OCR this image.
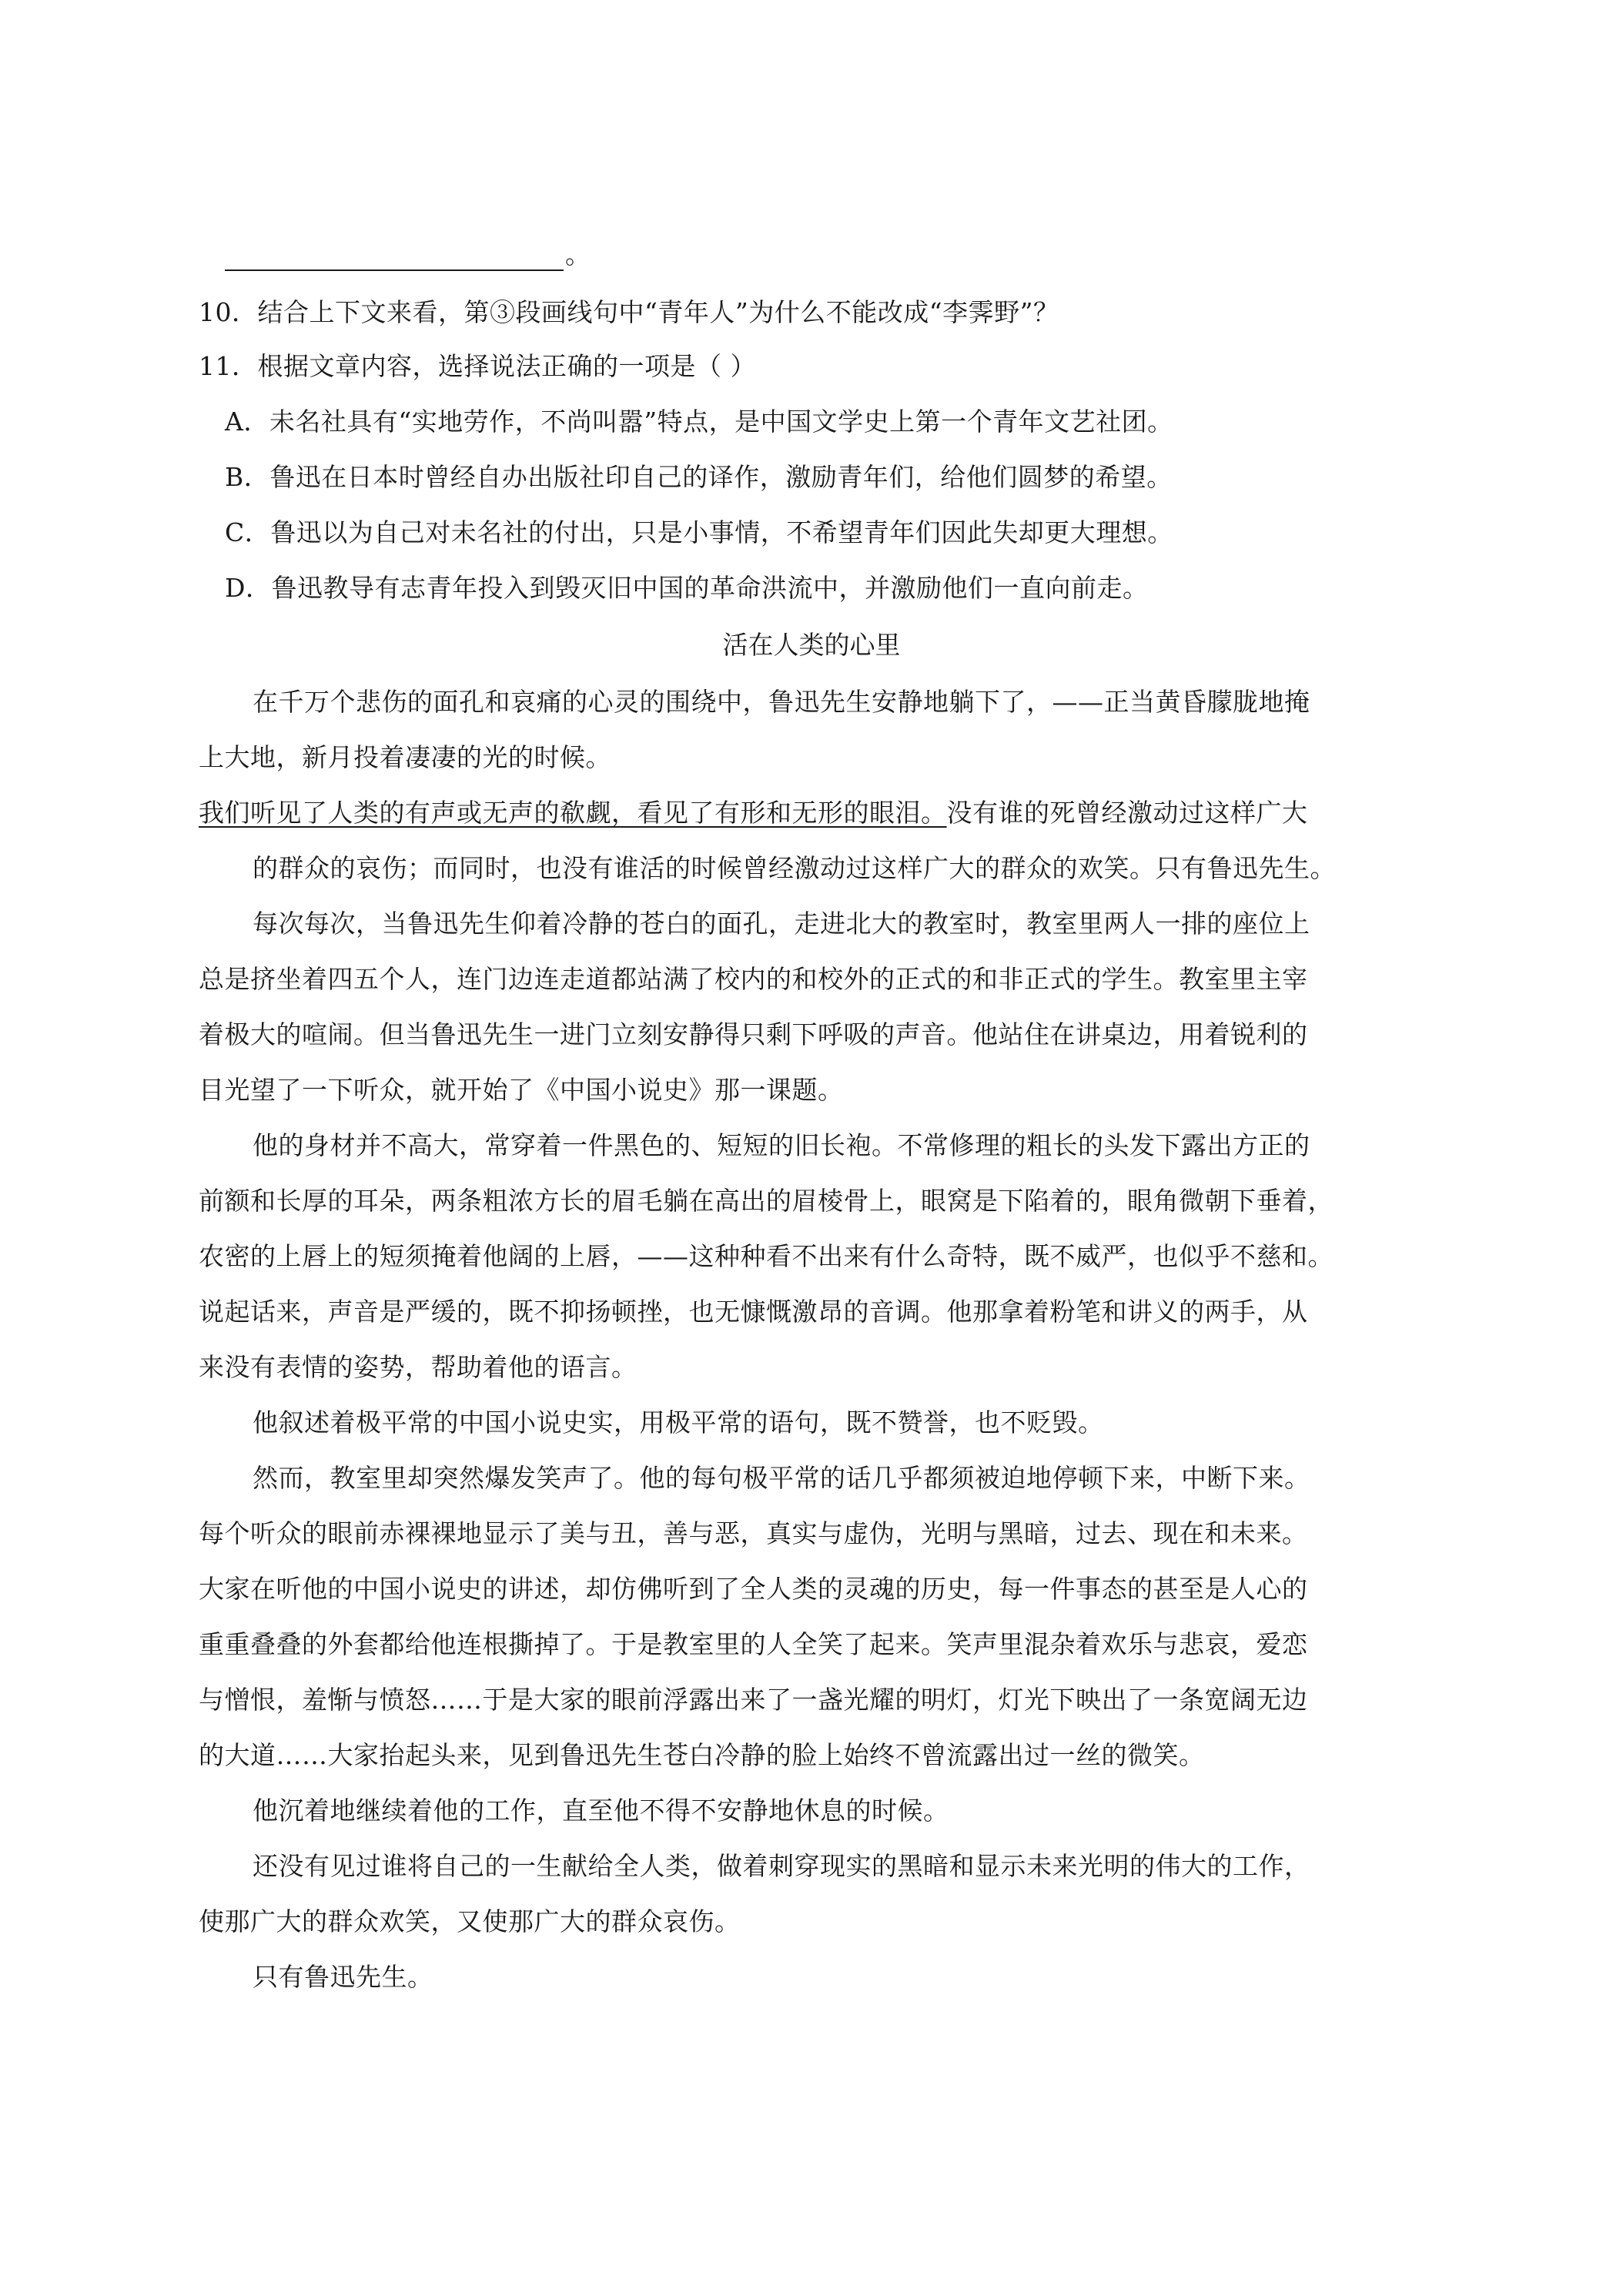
。
10．结合上下文来看，第③段画线句中“青年人”为什么不能改成“李霁野”？
11．根据文章内容，选择说法正确的一项是（ ）
A．未名社具有“实地劳作，不尚叫嚣”特点，是中国文学史上第一个青年文艺社团。
B．鲁迅在日本时曾经自办出版社印自己的译作，激励青年们，给他们圆梦的希望。
C．鲁迅以为自己对未名社的付出，只是小事情，不希望青年们因此失却更大理想。
D．鲁迅教导有志青年投入到毁灭旧中国的革命洪流中，并激励他们一直向前走。
活在人类的心里
在千万个悲伤的面孔和哀痛的心灵的围绕中，鲁迅先生安静地躺下了，——正当黄昏朦胧地掩
上大地，新月投着凄凄的光的时候。
我们听见了人类的有声或无声的欷觑，看见了有形和无形的眼泪。没有谁的死曾经激动过这样广大
的群众的哀伤；而同时，也没有谁活的时候曾经激动过这样广大的群众的欢笑。只有鲁迅先生。
每次每次，当鲁迅先生仰着冷静的苍白的面孔，走进北大的教室时，教室里两人一排的座位上
总是挤坐着四五个人，连门边连走道都站满了校内的和校外的正式的和非正式的学生。教室里主宰
着极大的喧闹。但当鲁迅先生一进门立刻安静得只剩下呼吸的声音。他站住在讲桌边，用着锐利的
目光望了一下听众，就开始了《中国小说史》那一课题。
他的身材并不高大，常穿着一件黑色的、短短的旧长袍。不常修理的粗长的头发下露出方正的
前额和长厚的耳朵，两条粗浓方长的眉毛躺在高出的眉棱骨上，眼窝是下陷着的，眼角微朝下垂着，
农密的上唇上的短须掩着他阔的上唇，——这种种看不出来有什么奇特，既不威严，也似乎不慈和。
说起话来，声音是严缓的，既不抑扬顿挫，也无慷慨激昂的音调。他那拿着粉笔和讲义的两手，从
来没有表情的姿势，帮助着他的语言。
他叙述着极平常的中国小说史实，用极平常的语句，既不赞誉，也不贬毁。
然而，教室里却突然爆发笑声了。他的每句极平常的话几乎都须被迫地停顿下来，中断下来。
每个听众的眼前赤裸裸地显示了美与丑，善与恶，真实与虚伪，光明与黑暗，过去、现在和未来。
大家在听他的中国小说史的讲述，却仿佛听到了全人类的灵魂的历史，每一件事态的甚至是人心的
重重叠叠的外套都给他连根撕掉了。于是教室里的人全笑了起来。笑声里混杂着欢乐与悲哀，爱恋
与憎恨，羞惭与愤怒……于是大家的眼前浮露出来了一盏光耀的明灯，灯光下映出了一条宽阔无边
的大道……大家抬起头来，见到鲁迅先生苍白冷静的脸上始终不曾流露出过一丝的微笑。
他沉着地继续着他的工作，直至他不得不安静地休息的时候。
还没有见过谁将自己的一生献给全人类，做着刺穿现实的黑暗和显示未来光明的伟大的工作，
使那广大的群众欢笑，又使那广大的群众哀伤。
只有鲁迅先生。
